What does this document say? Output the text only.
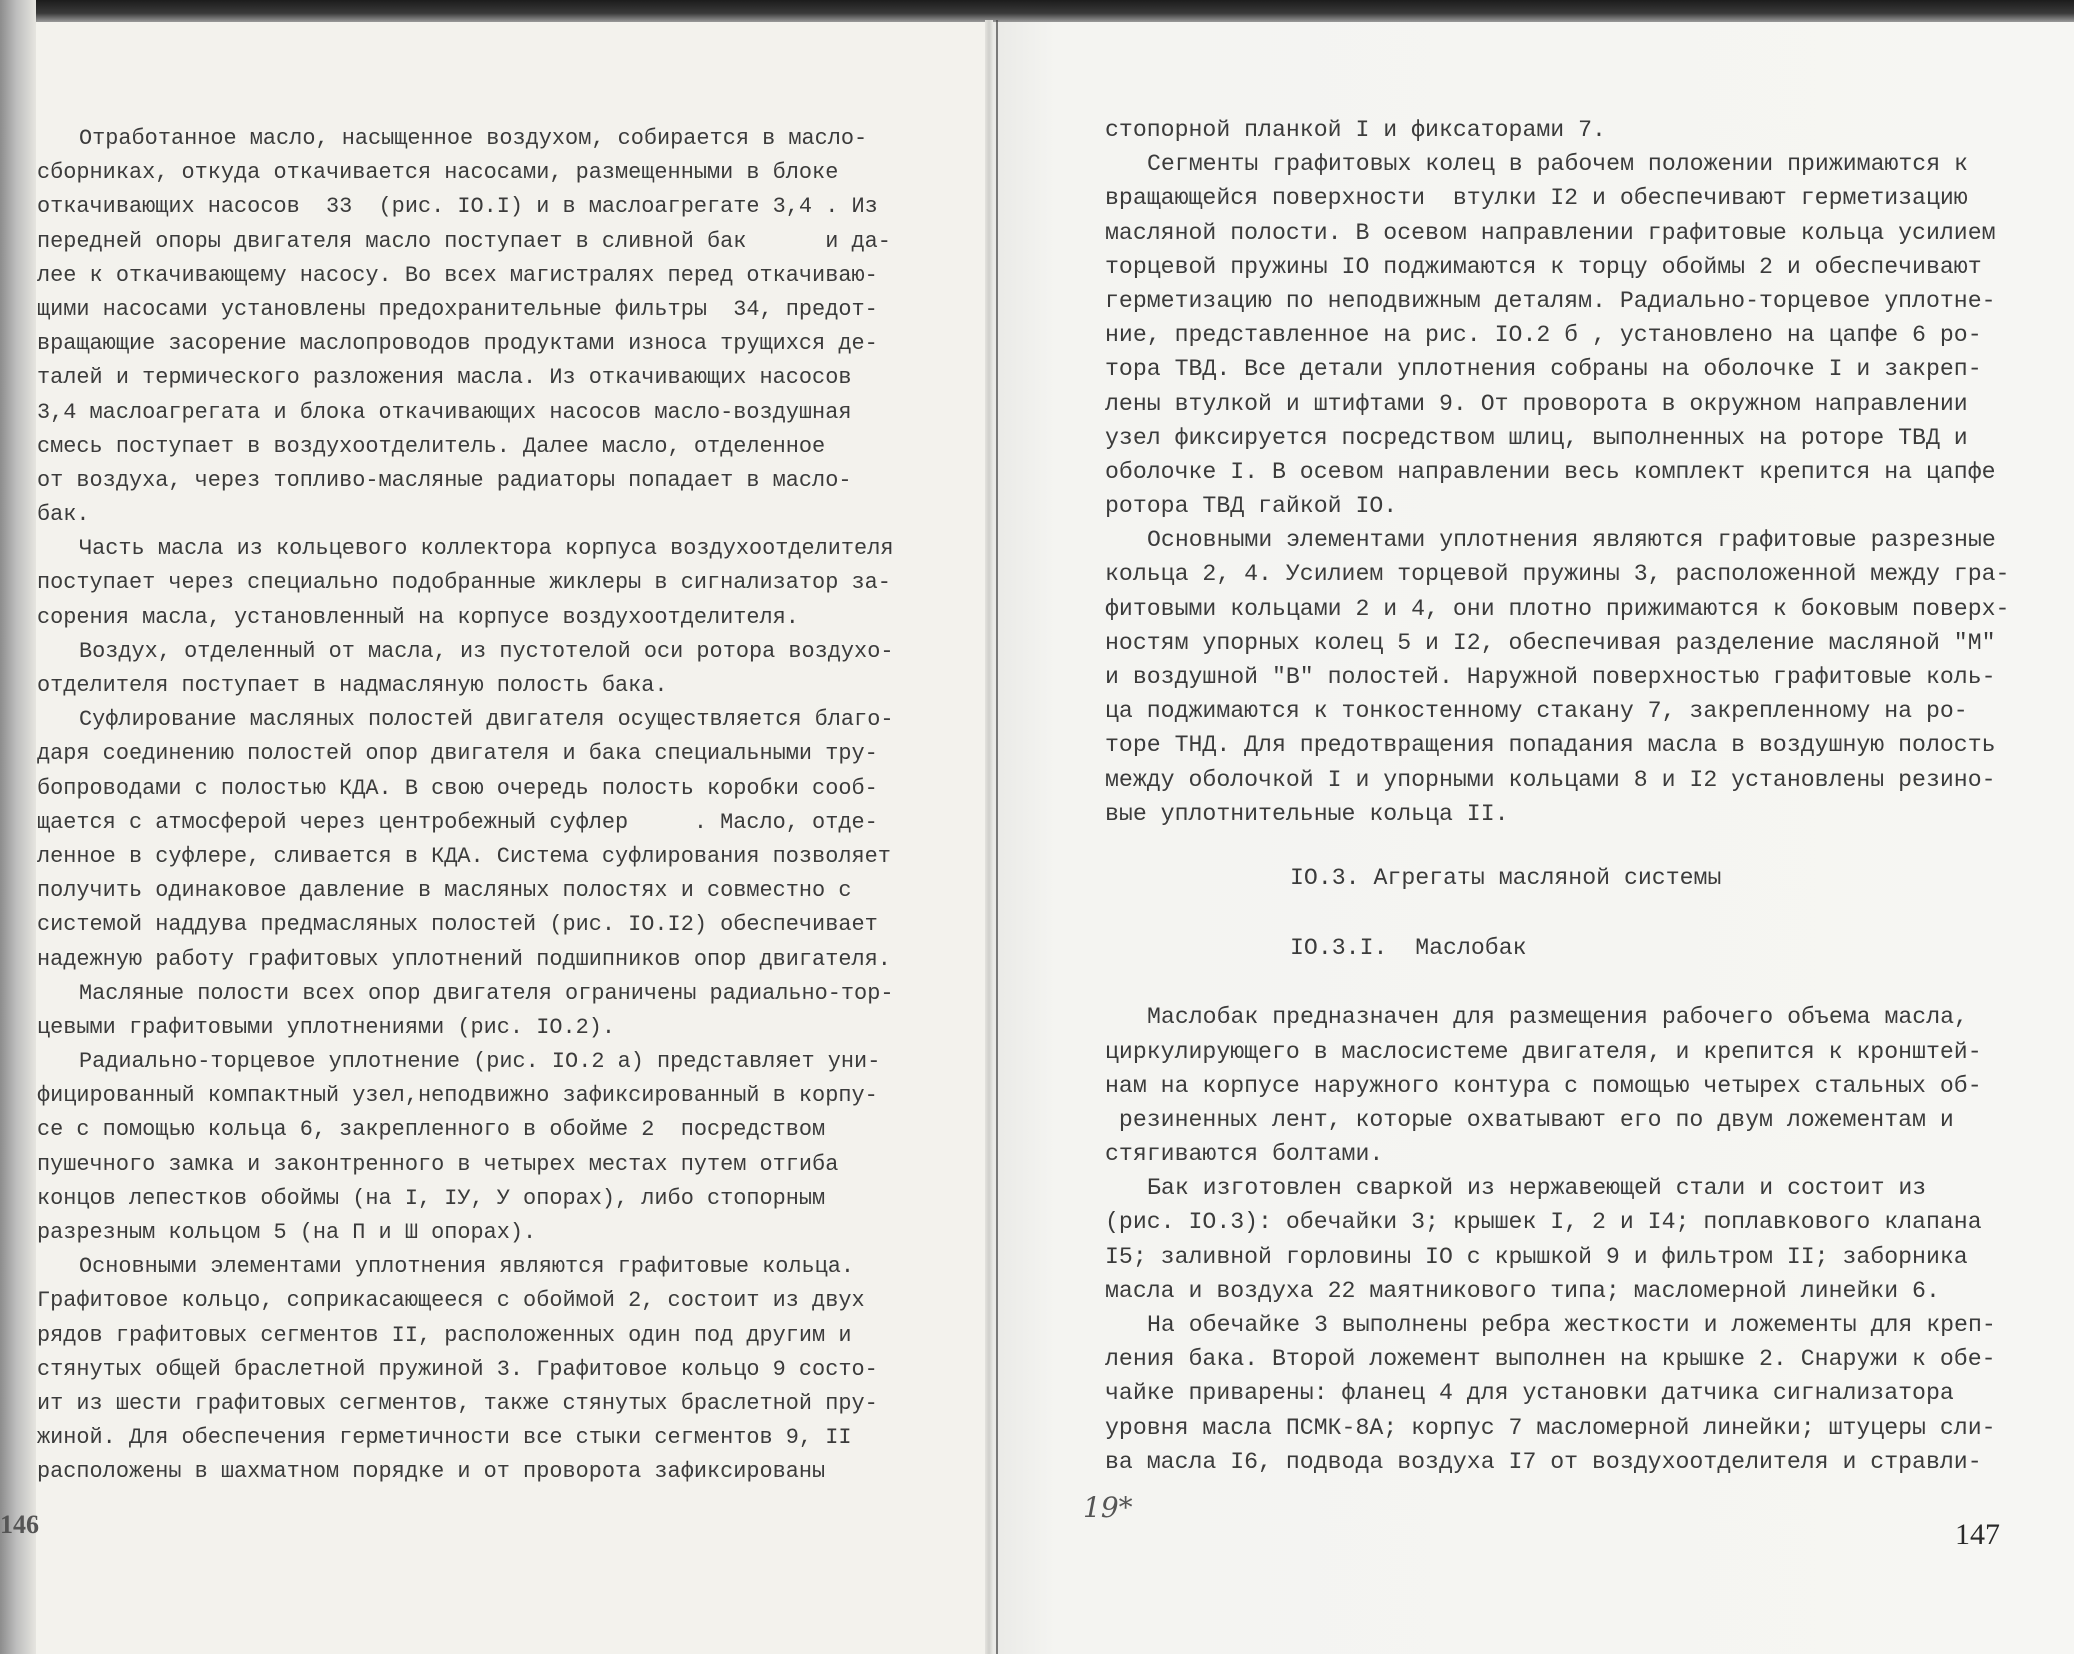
Отработанное масло, насыщенное воздухом, собирается в масло-
сборниках, откуда откачивается насосами, размещенными в блоке
откачивающих насосов  33  (рис. IO.I) и в маслоагрегате 3,4 . Из
передней опоры двигателя масло поступает в сливной бак      и да-
лее к откачивающему насосу. Во всех магистралях перед откачиваю-
щими насосами установлены предохранительные фильтры  34, предот-
вращающие засорение маслопроводов продуктами износа трущихся де-
талей и термического разложения масла. Из откачивающих насосов
3,4 маслоагрегата и блока откачивающих насосов масло-воздушная
смесь поступает в воздухоотделитель. Далее масло, отделенное
от воздуха, через топливо-масляные радиаторы попадает в масло-
бак.
Часть масла из кольцевого коллектора корпуса воздухоотделителя
поступает через специально подобранные жиклеры в сигнализатор за-
сорения масла, установленный на корпусе воздухоотделителя.
Воздух, отделенный от масла, из пустотелой оси ротора воздухо-
отделителя поступает в надмасляную полость бака.
Суфлирование масляных полостей двигателя осуществляется благо-
даря соединению полостей опор двигателя и бака специальными тру-
бопроводами с полостью КДА. В свою очередь полость коробки сооб-
щается с атмосферой через центробежный суфлер     . Масло, отде-
ленное в суфлере, сливается в КДА. Система суфлирования позволяет
получить одинаковое давление в масляных полостях и совместно с
системой наддува предмасляных полостей (рис. IO.I2) обеспечивает
надежную работу графитовых уплотнений подшипников опор двигателя.
Масляные полости всех опор двигателя ограничены радиально-тор-
цевыми графитовыми уплотнениями (рис. IO.2).
Радиально-торцевое уплотнение (рис. IO.2 а) представляет уни-
фицированный компактный узел,неподвижно зафиксированный в корпу-
се с помощью кольца 6, закрепленного в обойме 2  посредством
пушечного замка и законтренного в четырех местах путем отгиба
концов лепестков обоймы (на I, IУ, У опорах), либо стопорным
разрезным кольцом 5 (на П и Ш опорах).
Основными элементами уплотнения являются графитовые кольца.
Графитовое кольцо, соприкасающееся с обоймой 2, состоит из двух
рядов графитовых сегментов II, расположенных один под другим и
стянутых общей браслетной пружиной 3. Графитовое кольцо 9 состо-
ит из шести графитовых сегментов, также стянутых браслетной пру-
жиной. Для обеспечения герметичности все стыки сегментов 9, II
расположены в шахматном порядке и от проворота зафиксированы
стопорной планкой I и фиксаторами 7.
Сегменты графитовых колец в рабочем положении прижимаются к
вращающейся поверхности  втулки I2 и обеспечивают герметизацию
масляной полости. В осевом направлении графитовые кольца усилием
торцевой пружины IO поджимаются к торцу обоймы 2 и обеспечивают
герметизацию по неподвижным деталям. Радиально-торцевое уплотне-
ние, представленное на рис. IO.2 б , установлено на цапфе 6 ро-
тора ТВД. Все детали уплотнения собраны на оболочке I и закреп-
лены втулкой и штифтами 9. От проворота в окружном направлении
узел фиксируется посредством шлиц, выполненных на роторе ТВД и
оболочке I. В осевом направлении весь комплект крепится на цапфе
ротора ТВД гайкой IO.
Основными элементами уплотнения являются графитовые разрезные
кольца 2, 4. Усилием торцевой пружины 3, расположенной между гра-
фитовыми кольцами 2 и 4, они плотно прижимаются к боковым поверх-
ностям упорных колец 5 и I2, обеспечивая разделение масляной "М"
и воздушной "В" полостей. Наружной поверхностью графитовые коль-
ца поджимаются к тонкостенному стакану 7, закрепленному на ро-
торе ТНД. Для предотвращения попадания масла в воздушную полость
между оболочкой I и упорными кольцами 8 и I2 установлены резино-
вые уплотнительные кольца II.
IO.3. Агрегаты масляной системы
IO.3.I.  Маслобак
Маслобак предназначен для размещения рабочего объема масла,
циркулирующего в маслосистеме двигателя, и крепится к кронштей-
нам на корпусе наружного контура с помощью четырех стальных об-
резиненных лент, которые охватывают его по двум ложементам и
стягиваются болтами.
Бак изготовлен сваркой из нержавеющей стали и состоит из
(рис. IO.3): обечайки 3; крышек I, 2 и I4; поплавкового клапана
I5; заливной горловины IO с крышкой 9 и фильтром II; заборника
масла и воздуха 22 маятникового типа; масломерной линейки 6.
На обечайке 3 выполнены ребра жесткости и ложементы для креп-
ления бака. Второй ложемент выполнен на крышке 2. Снаружи к обе-
чайке приварены: фланец 4 для установки датчика сигнализатора
уровня масла ПСМК-8А; корпус 7 масломерной линейки; штуцеры сли-
ва масла I6, подвода воздуха I7 от воздухоотделителя и стравли-
146	147
19*
